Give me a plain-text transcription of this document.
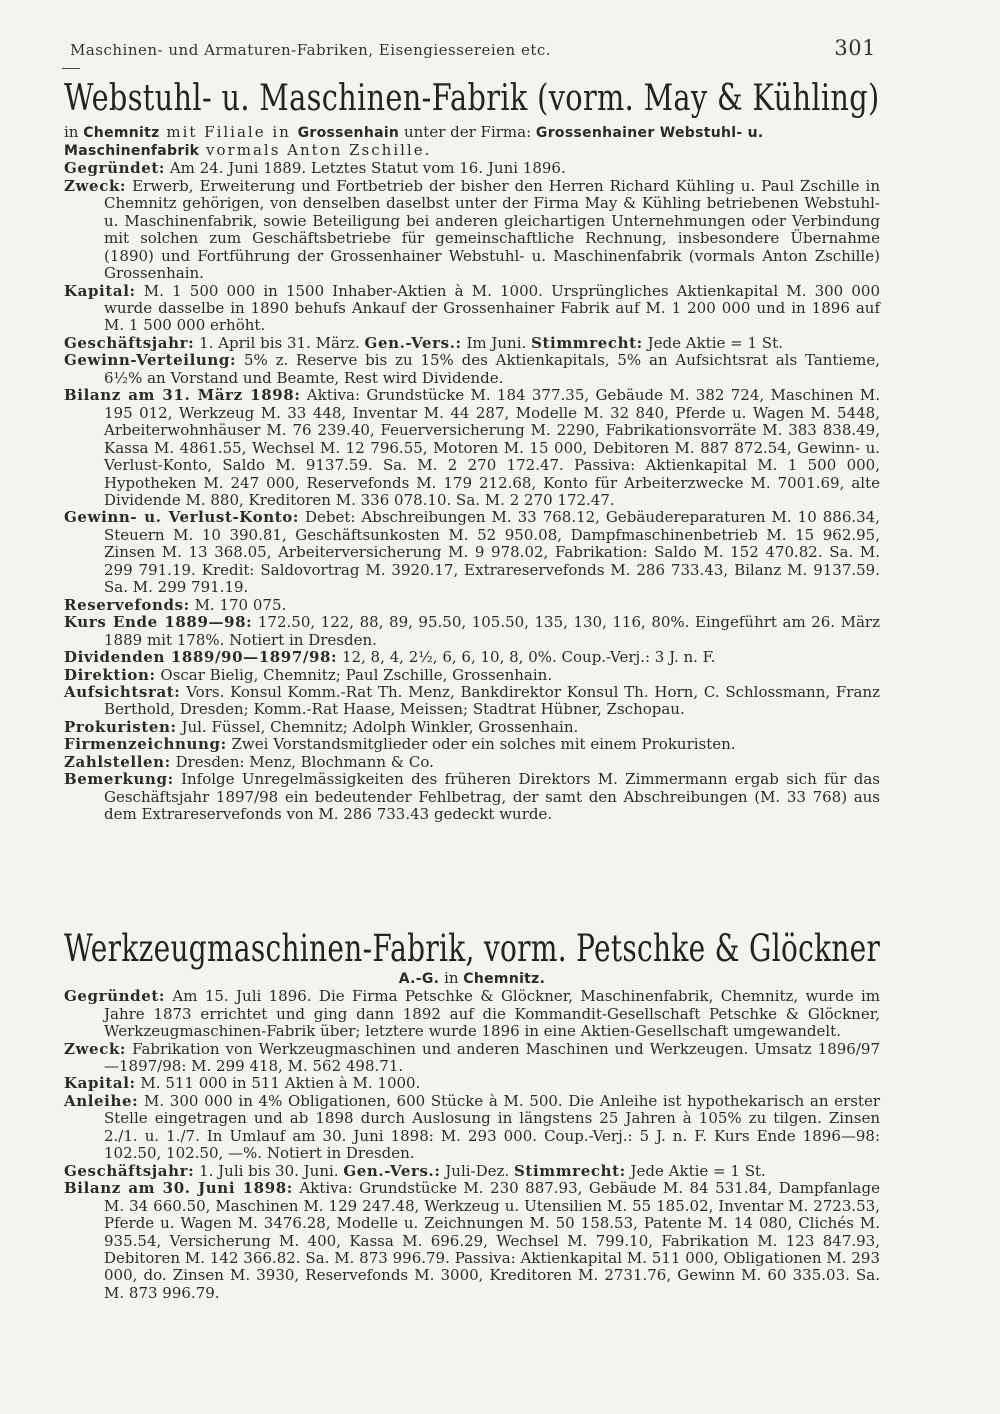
Maschinen- und Armaturen-Fabriken, Eisengiessereien etc.	301
Webstuhl- u. Maschinen-Fabrik (vorm. May & Kühling)
in Chemnitz mit Filiale in Grossenhain unter der Firma: Grossenhainer Webstuhl- u. Maschinenfabrik vormals Anton Zschille.

Gegründet: Am 24. Juni 1889. Letztes Statut vom 16. Juni 1896.

Zweck: Erwerb, Erweiterung und Fortbetrieb der bisher den Herren Richard Kühling u. Paul Zschille in Chemnitz gehörigen, von denselben daselbst unter der Firma May & Kühling betriebenen Webstuhl- u. Maschinenfabrik, sowie Beteiligung bei anderen gleichartigen Unternehmungen oder Verbindung mit solchen zum Geschäftsbetriebe für gemeinschaftliche Rechnung, insbesondere Übernahme (1890) und Fortführung der Grossenhainer Webstuhl- u. Maschinenfabrik (vormals Anton Zschille) Grossenhain.

Kapital: M. 1 500 000 in 1500 Inhaber-Aktien à M. 1000. Ursprüngliches Aktienkapital M. 300 000 wurde dasselbe in 1890 behufs Ankauf der Grossenhainer Fabrik auf M. 1 200 000 und in 1896 auf M. 1 500 000 erhöht.

Geschäftsjahr: 1. April bis 31. März. Gen.-Vers.: Im Juni. Stimmrecht: Jede Aktie = 1 St.

Gewinn-Verteilung: 5% z. Reserve bis zu 15% des Aktienkapitals, 5% an Aufsichtsrat als Tantieme, 6½% an Vorstand und Beamte, Rest wird Dividende.

Bilanz am 31. März 1898: Aktiva: Grundstücke M. 184 377.35, Gebäude M. 382 724, Maschinen M. 195 012, Werkzeug M. 33 448, Inventar M. 44 287, Modelle M. 32 840, Pferde u. Wagen M. 5448, Arbeiterwohnhäuser M. 76 239.40, Feuerversicherung M. 2290, Fabrikationsvorräte M. 383 838.49, Kassa M. 4861.55, Wechsel M. 12 796.55, Motoren M. 15 000, Debitoren M. 887 872.54, Gewinn- u. Verlust-Konto, Saldo M. 9137.59. Sa. M. 2 270 172.47. Passiva: Aktienkapital M. 1 500 000, Hypotheken M. 247 000, Reservefonds M. 179 212.68, Konto für Arbeiterzwecke M. 7001.69, alte Dividende M. 880, Kreditoren M. 336 078.10. Sa. M. 2 270 172.47.

Gewinn- u. Verlust-Konto: Debet: Abschreibungen M. 33 768.12, Gebäudereparaturen M. 10 886.34, Steuern M. 10 390.81, Geschäftsunkosten M. 52 950.08, Dampfmaschinenbetrieb M. 15 962.95, Zinsen M. 13 368.05, Arbeiterversicherung M. 9 978.02, Fabrikation: Saldo M. 152 470.82. Sa. M. 299 791.19. Kredit: Saldovortrag M. 3920.17, Extrareservefonds M. 286 733.43, Bilanz M. 9137.59. Sa. M. 299 791.19.

Reservefonds: M. 170 075.

Kurs Ende 1889—98: 172.50, 122, 88, 89, 95.50, 105.50, 135, 130, 116, 80%. Eingeführt am 26. März 1889 mit 178%. Notiert in Dresden.

Dividenden 1889/90—1897/98: 12, 8, 4, 2½, 6, 6, 10, 8, 0%. Coup.-Verj.: 3 J. n. F.

Direktion: Oscar Bielig, Chemnitz; Paul Zschille, Grossenhain.

Aufsichtsrat: Vors. Konsul Komm.-Rat Th. Menz, Bankdirektor Konsul Th. Horn, C. Schlossmann, Franz Berthold, Dresden; Komm.-Rat Haase, Meissen; Stadtrat Hübner, Zschopau.

Prokuristen: Jul. Füssel, Chemnitz; Adolph Winkler, Grossenhain.

Firmenzeichnung: Zwei Vorstandsmitglieder oder ein solches mit einem Prokuristen.

Zahlstellen: Dresden: Menz, Blochmann & Co.

Bemerkung: Infolge Unregelmässigkeiten des früheren Direktors M. Zimmermann ergab sich für das Geschäftsjahr 1897/98 ein bedeutender Fehlbetrag, der samt den Abschreibungen (M. 33 768) aus dem Extrareservefonds von M. 286 733.43 gedeckt wurde.

Werkzeugmaschinen-Fabrik, vorm. Petschke & Glöckner
A.-G. in Chemnitz.

Gegründet: Am 15. Juli 1896. Die Firma Petschke & Glöckner, Maschinenfabrik, Chemnitz, wurde im Jahre 1873 errichtet und ging dann 1892 auf die Kommandit-Gesellschaft Petschke & Glöckner, Werkzeugmaschinen-Fabrik über; letztere wurde 1896 in eine Aktien-Gesellschaft umgewandelt.

Zweck: Fabrikation von Werkzeugmaschinen und anderen Maschinen und Werkzeugen. Umsatz 1896/97—1897/98: M. 299 418, M. 562 498.71.

Kapital: M. 511 000 in 511 Aktien à M. 1000.

Anleihe: M. 300 000 in 4% Obligationen, 600 Stücke à M. 500. Die Anleihe ist hypothekarisch an erster Stelle eingetragen und ab 1898 durch Auslosung in längstens 25 Jahren à 105% zu tilgen. Zinsen 2./1. u. 1./7. In Umlauf am 30. Juni 1898: M. 293 000. Coup.-Verj.: 5 J. n. F. Kurs Ende 1896—98: 102.50, 102.50, —%. Notiert in Dresden.

Geschäftsjahr: 1. Juli bis 30. Juni. Gen.-Vers.: Juli-Dez. Stimmrecht: Jede Aktie = 1 St.

Bilanz am 30. Juni 1898: Aktiva: Grundstücke M. 230 887.93, Gebäude M. 84 531.84, Dampfanlage M. 34 660.50, Maschinen M. 129 247.48, Werkzeug u. Utensilien M. 55 185.02, Inventar M. 2723.53, Pferde u. Wagen M. 3476.28, Modelle u. Zeichnungen M. 50 158.53, Patente M. 14 080, Clichés M. 935.54, Versicherung M. 400, Kassa M. 696.29, Wechsel M. 799.10, Fabrikation M. 123 847.93, Debitoren M. 142 366.82. Sa. M. 873 996.79. Passiva: Aktienkapital M. 511 000, Obligationen M. 293 000, do. Zinsen M. 3930, Reservefonds M. 3000, Kreditoren M. 2731.76, Gewinn M. 60 335.03. Sa. M. 873 996.79.
